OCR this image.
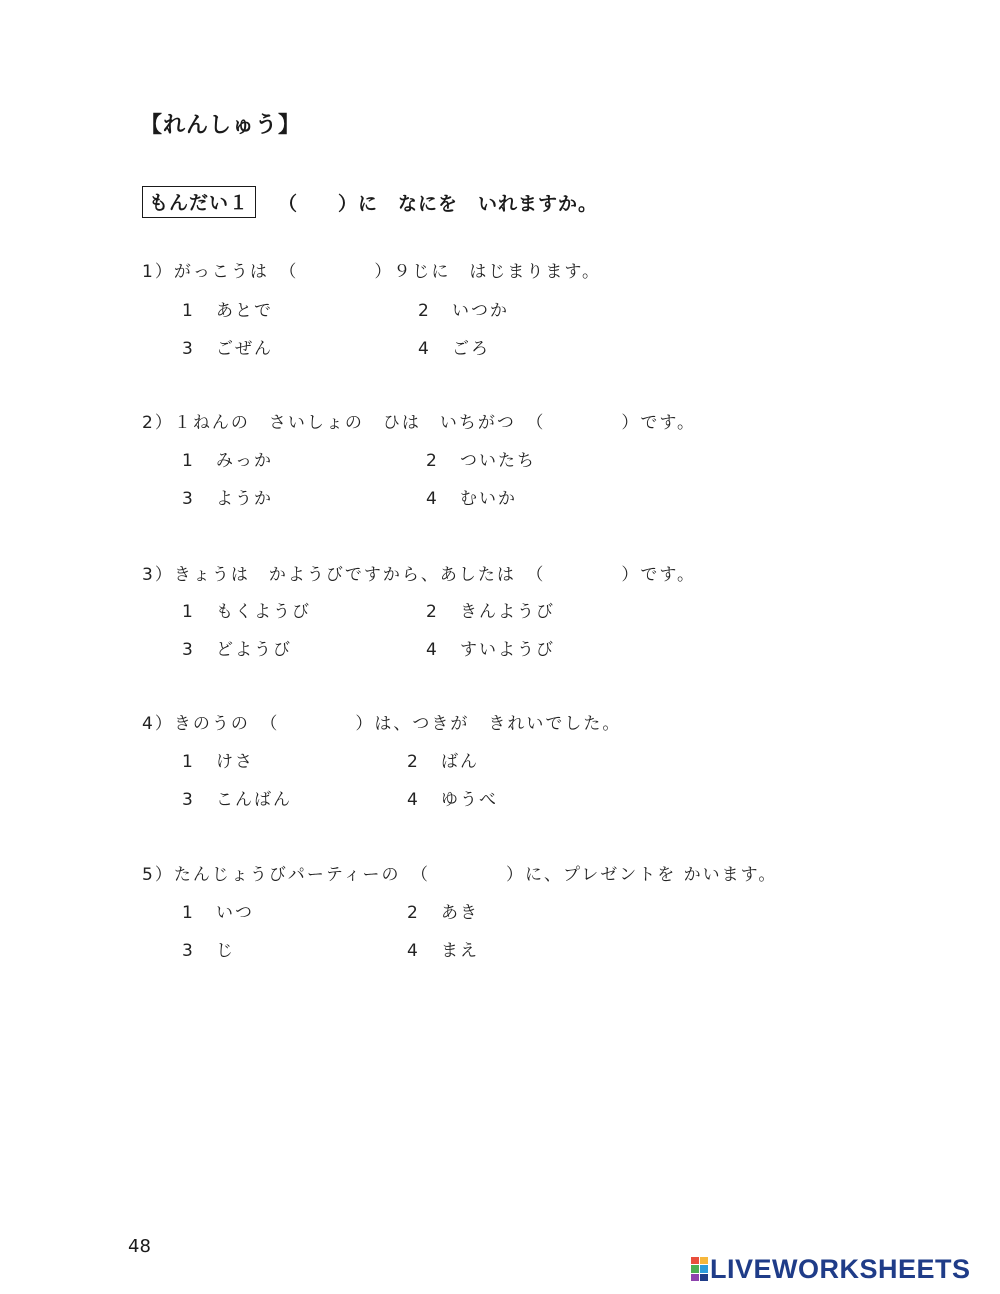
【れんしゅう】
もんだい１	（　　）に　なにを　いれますか。
1）がっこうは　（　　　　）９じに　はじまります。
1 あとで	2 いつか
3 ごぜん	4 ごろ
2）１ねんの　さいしょの　ひは　いちがつ　（　　　　）です。
1 みっか	2 ついたち
3 ようか	4 むいか
3）きょうは　かようびですから、あしたは　（　　　　）です。
1 もくようび	2 きんようび
3 どようび	4 すいようび
4）きのうの　（　　　　）は、つきが　きれいでした。
1 けさ	2 ばん
3 こんばん	4 ゆうべ
5）たんじょうびパーティーの　（　　　　）に、プレゼントを かいます。
1 いつ	2 あき
3 じ	4 まえ
48
LIVEWORKSHEETS
